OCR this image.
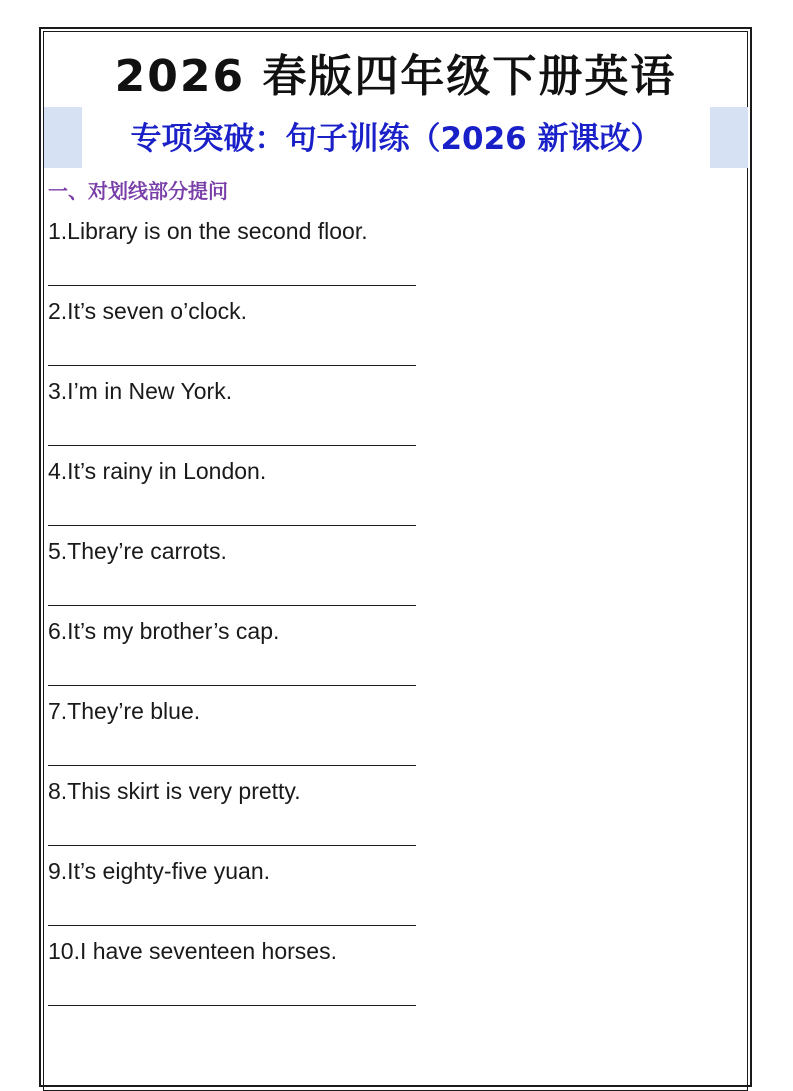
2026 春版四年级下册英语
专项突破：句子训练（2026 新课改）
一、对划线部分提问
1.Library is on the second floor.
2.It’s seven o’clock.
3.I’m in New York.
4.It’s rainy in London.
5.They’re carrots.
6.It’s my brother’s cap.
7.They’re blue.
8.This skirt is very pretty.
9.It’s eighty-five yuan.
10.I have seventeen horses.
